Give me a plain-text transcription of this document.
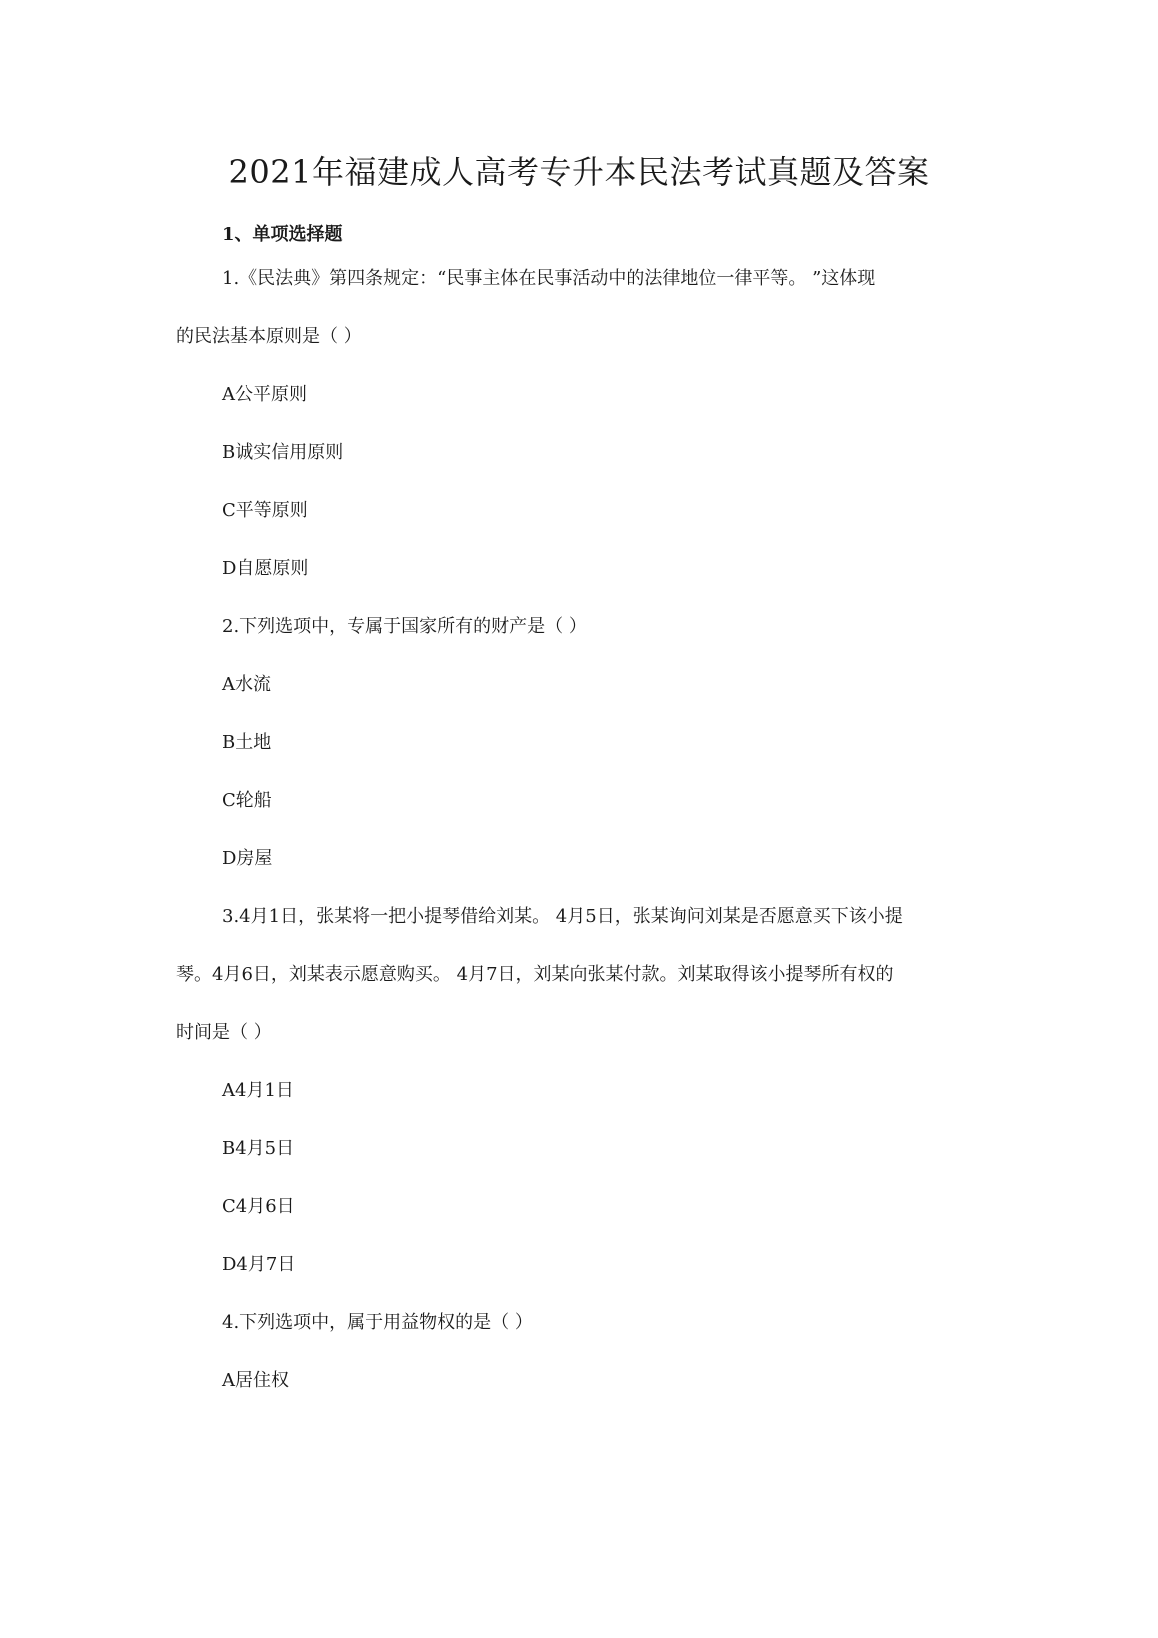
2021年福建成人高考专升本民法考试真题及答案
1、单项选择题
1.《民法典》第四条规定：“民事主体在民事活动中的法律地位一律平等。 ”这体现
的民法基本原则是（ ）
A公平原则
B诚实信用原则
C平等原则
D自愿原则
2.下列选项中，专属于国家所有的财产是（ ）
A水流
B土地
C轮船
D房屋
3.4月1日，张某将一把小提琴借给刘某。 4月5日，张某询问刘某是否愿意买下该小提
琴。4月6日，刘某表示愿意购买。 4月7日，刘某向张某付款。刘某取得该小提琴所有权的
时间是（ ）
A4月1日
B4月5日
C4月6日
D4月7日
4.下列选项中，属于用益物权的是（ ）
A居住权
